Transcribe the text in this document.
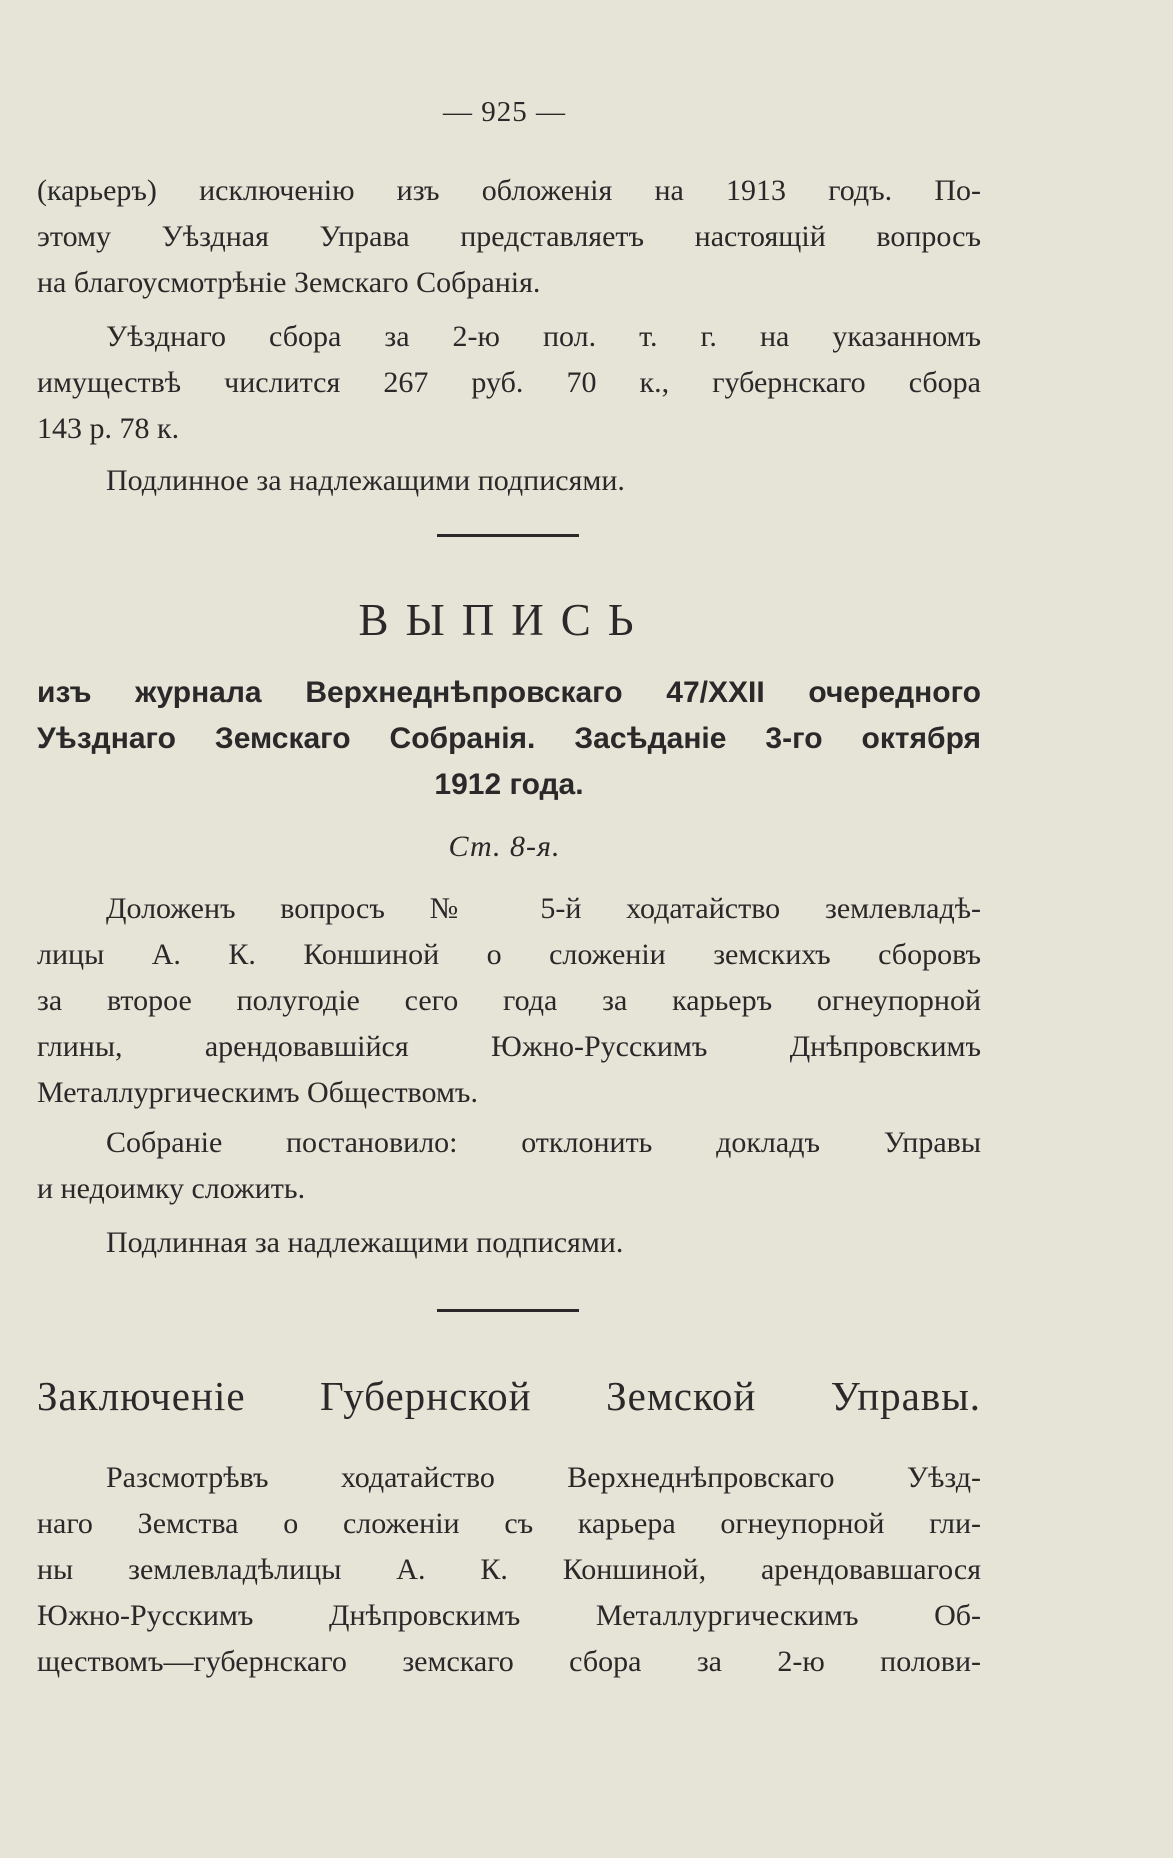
— 925 —
(карьеръ) исключенію изъ обложенія на 1913 годъ. По-
этому Уѣздная Управа представляетъ настоящій вопросъ
на благоусмотрѣніе Земскаго Собранія.
Уѣзднаго сбора за 2-ю пол. т. г. на указанномъ
имуществѣ числится 267 руб. 70 к., губернскаго сбора
143 р. 78 к.
Подлинное за надлежащими подписями.
ВЫПИСЬ
изъ журнала Верхнеднѣпровскаго 47/XXII очередного
Уѣзднаго Земскаго Собранія. Засѣданіе 3-го октября
1912 года.
Ст. 8-я.
Доложенъ вопросъ № 5-й ходатайство землевладѣ-
лицы А. К. Коншиной о сложеніи земскихъ сборовъ
за второе полугодіе сего года за карьеръ огнеупорной
глины, арендовавшійся Южно-Русскимъ Днѣпровскимъ
Металлургическимъ Обществомъ.
Собраніе постановило: отклонить докладъ Управы
и недоимку сложить.
Подлинная за надлежащими подписями.
Заключеніе Губернской Земской Управы.
Разсмотрѣвъ ходатайство Верхнеднѣпровскаго Уѣзд-
наго Земства о сложеніи съ карьера огнеупорной гли-
ны землевладѣлицы А. К. Коншиной, арендовавшагося
Южно-Русскимъ Днѣпровскимъ Металлургическимъ Об-
ществомъ—губернскаго земскаго сбора за 2-ю полови-
